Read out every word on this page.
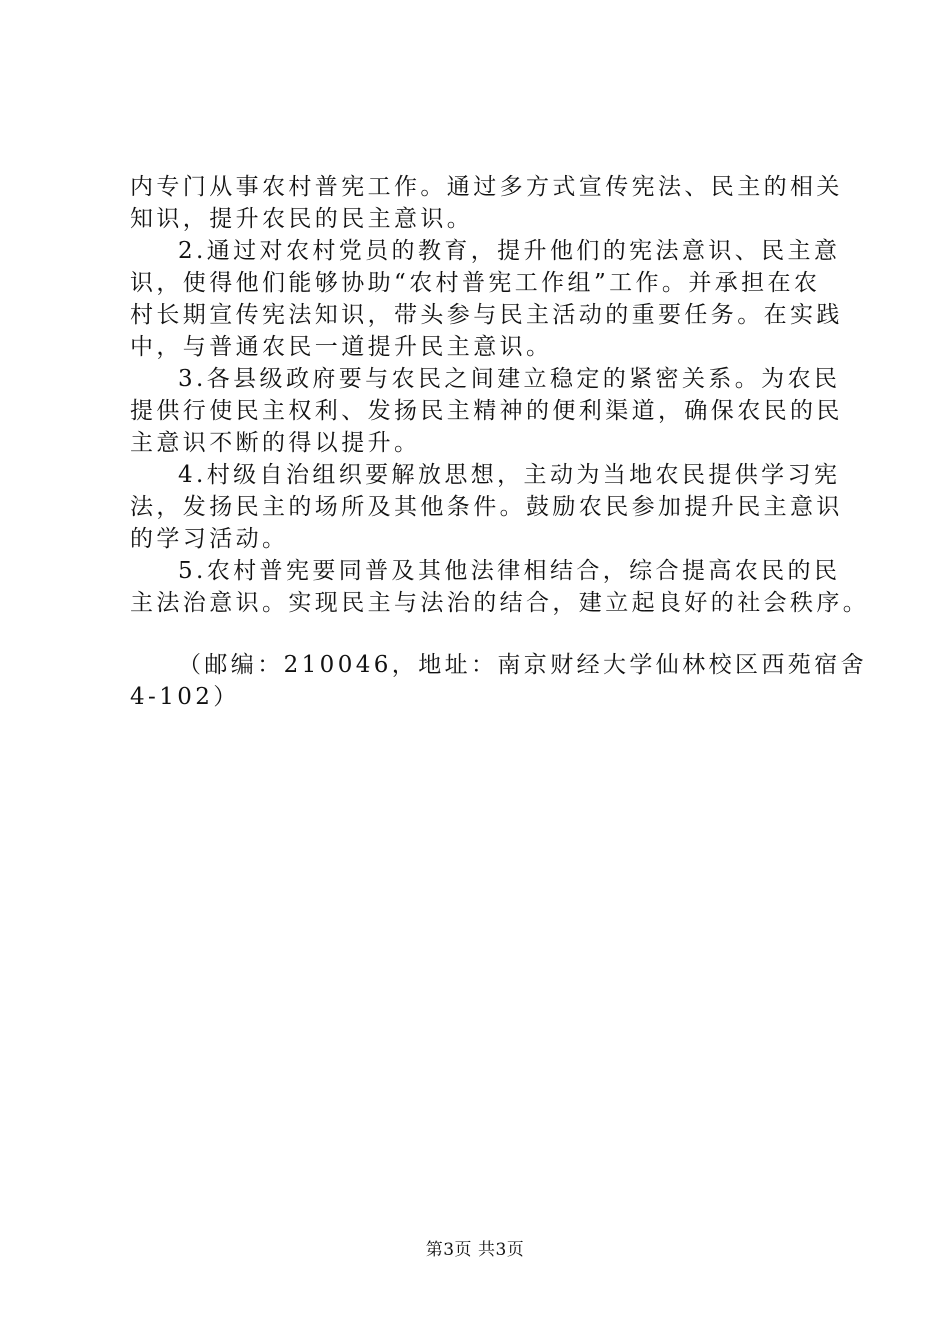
内专门从事农村普宪工作。通过多方式宣传宪法、民主的相关
知识，提升农民的民主意识。
2.通过对农村党员的教育，提升他们的宪法意识、民主意
识，使得他们能够协助“农村普宪工作组”工作。并承担在农
村长期宣传宪法知识，带头参与民主活动的重要任务。在实践
中，与普通农民一道提升民主意识。
3.各县级政府要与农民之间建立稳定的紧密关系。为农民
提供行使民主权利、发扬民主精神的便利渠道，确保农民的民
主意识不断的得以提升。
4.村级自治组织要解放思想，主动为当地农民提供学习宪
法，发扬民主的场所及其他条件。鼓励农民参加提升民主意识
的学习活动。
5.农村普宪要同普及其他法律相结合，综合提高农民的民
主法治意识。实现民主与法治的结合，建立起良好的社会秩序。
（邮编：210046，地址：南京财经大学仙林校区西苑宿舍
4-102）
第3页 共3页
